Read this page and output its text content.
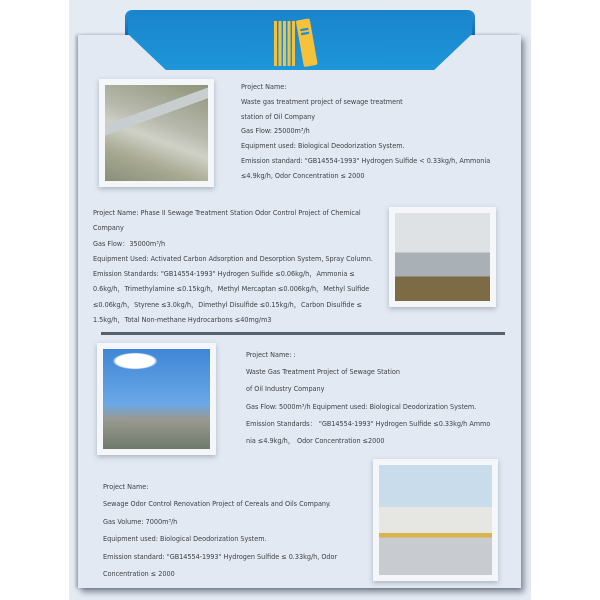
Project Name:
Waste gas treatment project of sewage treatment
station of Oil Company
Gas Flow: 25000m³/h
Equipment used: Biological Deodorization System.
Emission standard: "GB14554-1993" Hydrogen Sulfide < 0.33kg/h, Ammonia
≤4.9kg/h, Odor Concentration ≤ 2000
Project Name: Phase II Sewage Treatment Station Odor Control Project of Chemical
Company
Gas Flow：35000m³/h
Equipment Used: Activated Carbon Adsorption and Desorption System, Spray Column.
Emission Standards: "GB14554-1993" Hydrogen Sulfide ≤0.06kg/h，Ammonia ≤
0.6kg/h，Trimethylamine ≤0.15kg/h，Methyl Mercaptan ≤0.006kg/h，Methyl Sulfide
≤0.06kg/h，Styrene ≤3.0kg/h，Dimethyl Disulfide ≤0.15kg/h，Carbon Disulfide ≤
1.5kg/h，Total Non-methane Hydrocarbons ≤40mg/m3
Project Name: :
Waste Gas Treatment Project of Sewage Station
of Oil Industry Company
Gas Flow: 5000m³/h Equipment used: Biological Deodorization System.
Emission Standards： "GB14554-1993" Hydrogen Sulfide ≤0.33kg/h Ammo
nia ≤4.9kg/h， Odor Concentration ≤2000
Project Name:
Sewage Odor Control Renovation Project of Cereals and Oils Company.
Gas Volume: 7000m³/h
Equipment used: Biological Deodorization System.
Emission standard: "GB14554-1993" Hydrogen Sulfide ≤ 0.33kg/h, Odor
Concentration ≤ 2000
